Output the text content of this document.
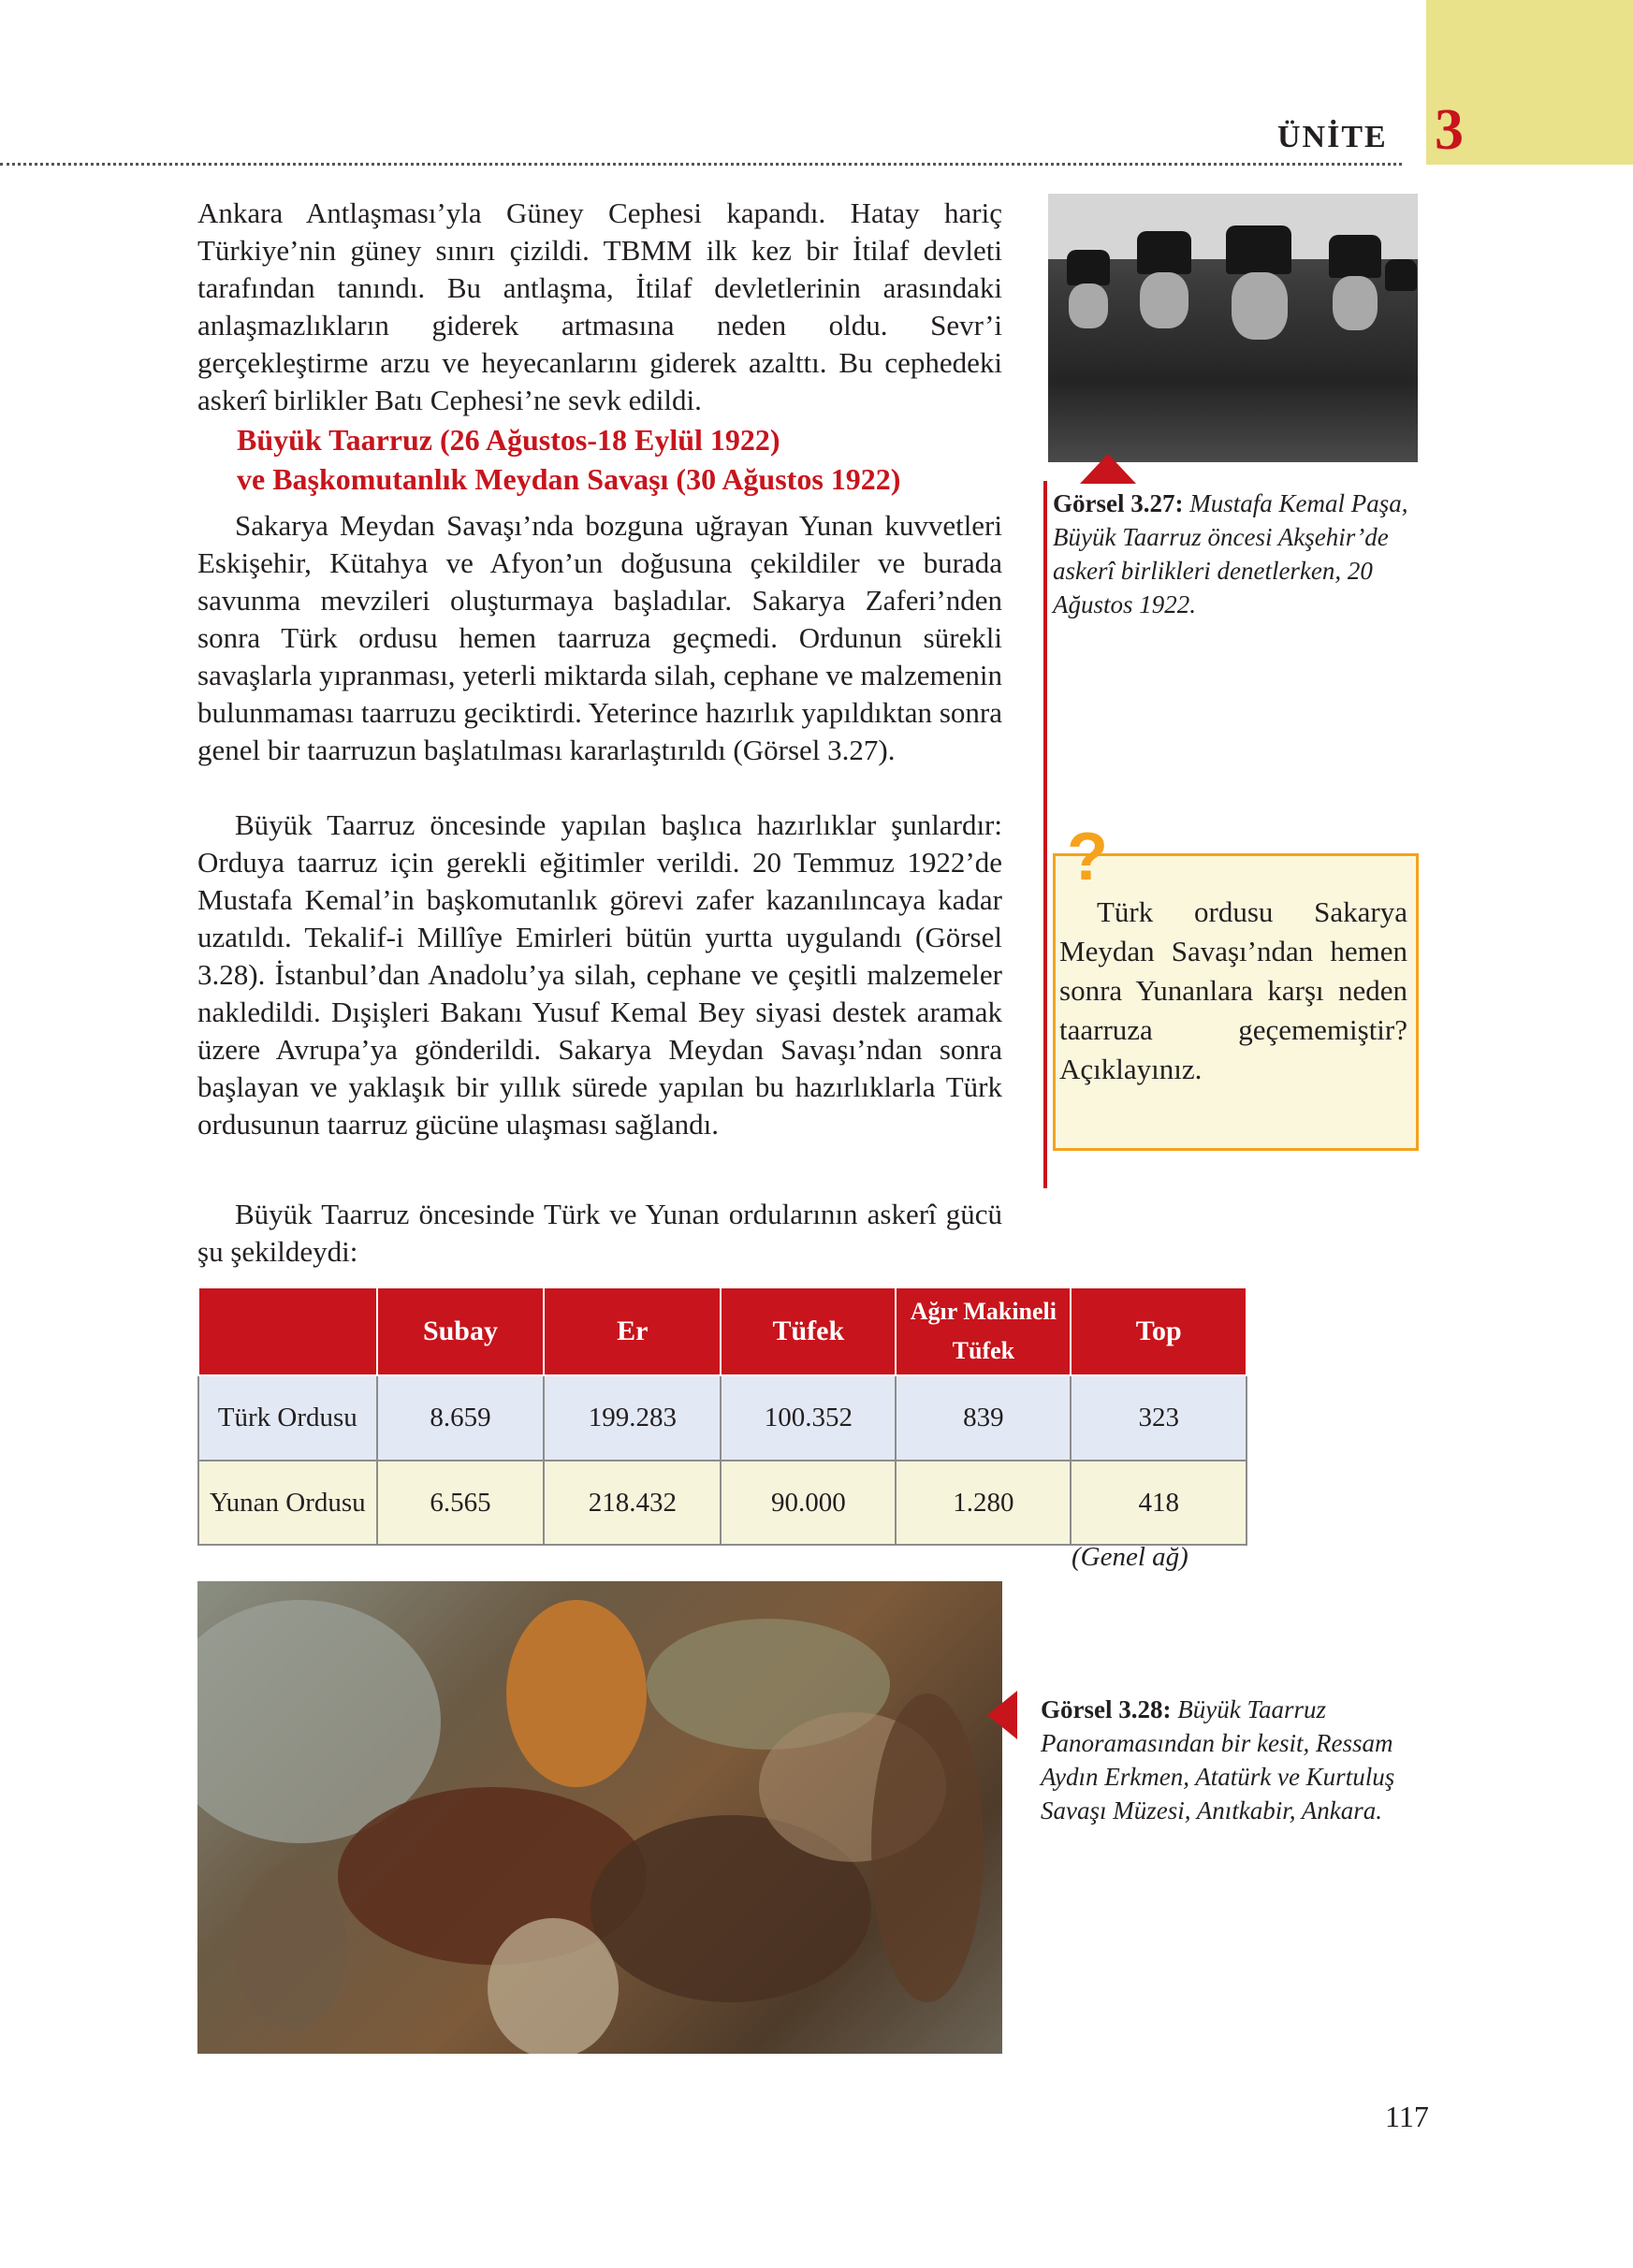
ÜNİTE 3

Ankara Antlaşması’yla Güney Cephesi kapandı. Hatay hariç Türkiye’nin güney sınırı çizildi. TBMM ilk kez bir İtilaf devleti tarafından tanındı. Bu antlaşma, İtilaf devletlerinin arasındaki anlaşmazlıkların giderek artmasına neden oldu. Sevr’i gerçekleştirme arzu ve heyecanlarını giderek azalttı. Bu cephedeki askerî birlikler Batı Cephesi’ne sevk edildi.

Büyük Taarruz (26 Ağustos-18 Eylül 1922)
ve Başkomutanlık Meydan Savaşı (30 Ağustos 1922)

Sakarya Meydan Savaşı’nda bozguna uğrayan Yunan kuvvetleri Eskişehir, Kütahya ve Afyon’un doğusuna çekildiler ve burada savunma mevzileri oluşturmaya başladılar. Sakarya Zaferi’nden sonra Türk ordusu hemen taarruza geçmedi. Ordunun sürekli savaşlarla yıpranması, yeterli miktarda silah, cephane ve malzemenin bulunmaması taarruzu geciktirdi. Yeterince hazırlık yapıldıktan sonra genel bir taarruzun başlatılması kararlaştırıldı (Görsel 3.27).

Büyük Taarruz öncesinde yapılan başlıca hazırlıklar şunlardır: Orduya taarruz için gerekli eğitimler verildi. 20 Temmuz 1922’de Mustafa Kemal’in başkomutanlık görevi zafer kazanılıncaya kadar uzatıldı. Tekalif-i Millîye Emirleri bütün yurtta uygulandı (Görsel 3.28). İstanbul’dan Anadolu’ya silah, cephane ve çeşitli malzemeler nakledildi. Dışişleri Bakanı Yusuf Kemal Bey siyasi destek aramak üzere Avrupa’ya gönderildi. Sakarya Meydan Savaşı’ndan sonra başlayan ve yaklaşık bir yıllık sürede yapılan bu hazırlıklarla Türk ordusunun taarruz gücüne ulaşması sağlandı.

Büyük Taarruz öncesinde Türk ve Yunan ordularının askerî gücü şu şekildeydi:

Görsel 3.27: Mustafa Kemal Paşa, Büyük Taarruz öncesi Akşehir’de askerî birlikleri denetlerken, 20 Ağustos 1922.
?

Türk ordusu Sakarya Meydan Savaşı’ndan hemen sonra Yunanlara karşı neden taarruza geçememiştir? Açıklayınız.

	Subay	Er	Tüfek	Ağır Makineli Tüfek	Top
Türk Ordusu	8.659	199.283	100.352	839	323
Yunan Ordusu	6.565	218.432	90.000	1.280	418
(Genel ağ)
Görsel 3.28: Büyük Taarruz Panoramasından bir kesit, Ressam Aydın Erkmen, Atatürk ve Kurtuluş Savaşı Müzesi, Anıtkabir, Ankara.
117
